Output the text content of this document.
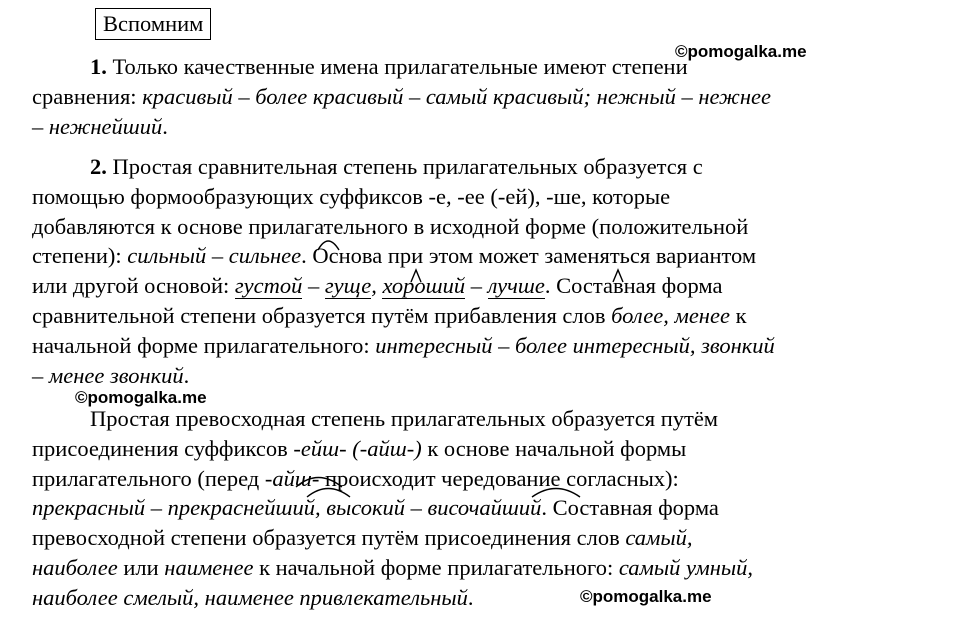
Вспомним
©pomogalka.me
1. Только качественные имена прилагательные имеют степени
сравнения: красивый – более красивый – самый красивый; нежный – нежнее
– нежнейший.
2. Простая сравнительная степень прилагательных образуется с
помощью формообразующих суффиксов -е, -ее (-ей), -ше, которые
добавляются к основе прилагательного в исходной форме (положительной
степени): сильный – сильнее. Основа при этом может заменяться вариантом
или другой основой: густой – гуще, хороший – лучше. Составная форма
сравнительной степени образуется путём прибавления слов более, менее к
начальной форме прилагательного: интересный – более интересный, звонкий
– менее звонкий.
©pomogalka.me
Простая превосходная степень прилагательных образуется путём
присоединения суффиксов -ейш- (-айш-) к основе начальной формы
прилагательного (перед -айш- происходит чередование согласных):
прекрасный – прекраснейший, высокий – височайший. Составная форма
превосходной степени образуется путём присоединения слов самый,
наиболее или наименее к начальной форме прилагательного: самый умный,
наиболее смелый, наименее привлекательный.	©pomogalka.me
